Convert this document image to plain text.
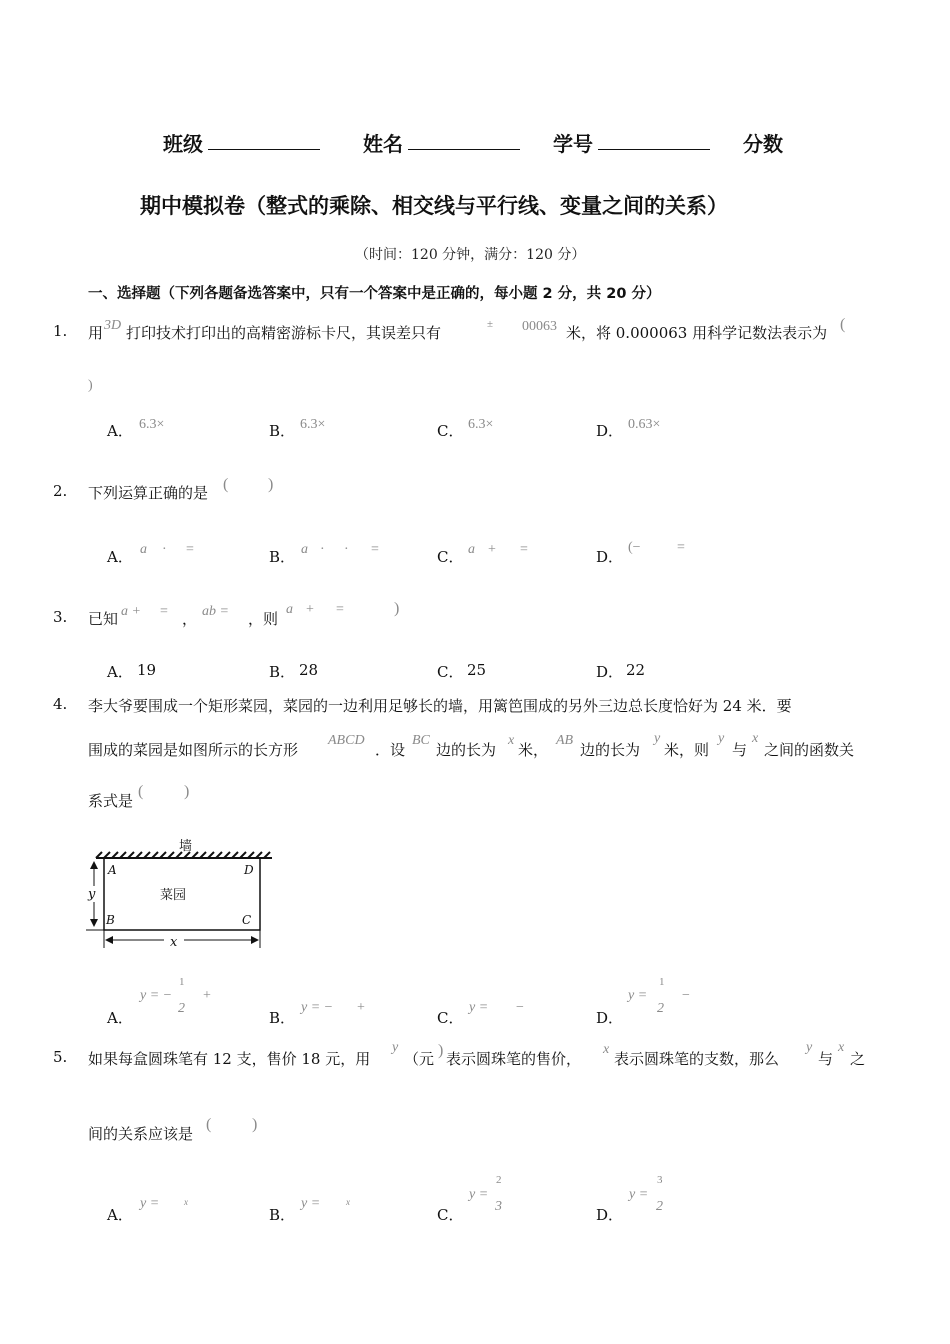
班级	姓名	学号	分数
期中模拟卷（整式的乘除、相交线与平行线、变量之间的关系）
（时间：120 分钟，满分：120 分）
一、选择题（下列各题备选答案中，只有一个答案中是正确的，每小题 2 分，共 20 分）
1. 用 3D 打印技术打印出的高精密游标卡尺，其误差只有	± 00063 米，将 0.000063 用科学记数法表示为 (
)
A． 6.3×	B． 6.3×	C． 6.3×	D． 0.63×
2. 下列运算正确的是 ( )
A． a · =	B． a · · =	C． a + =	D．
(−	=
3. 已知 a + = ， ab = ，则
a + =	)
A． 19	B． 28	C． 25	D． 22
4. 李大爷要围成一个矩形菜园，菜园的一边利用足够长的墙，用篱笆围成的另外三边总长度恰好为 24 米．要
围成的菜园是如图所示的长方形
ABCD
．设
BC
边的长为
x
米，
AB
边的长为
y
米，则
y
与
x
之间的函数关
系式是
(	)
墙
菜园
A	D
B	C
y
x
A．
y = −
1
2
+
B．
y = − +
C．
y = −
D．
y =
1
2
−
5. 如果每盒圆珠笔有 12 支，售价 18 元，用
y
（元 ) 表示圆珠笔的售价，
x
表示圆珠笔的支数，那么
y
与
x
之
间的关系应该是
(	)
A．
y =	x
B．
y =	x
C．
y =
2
3	D．
y =
3
2
